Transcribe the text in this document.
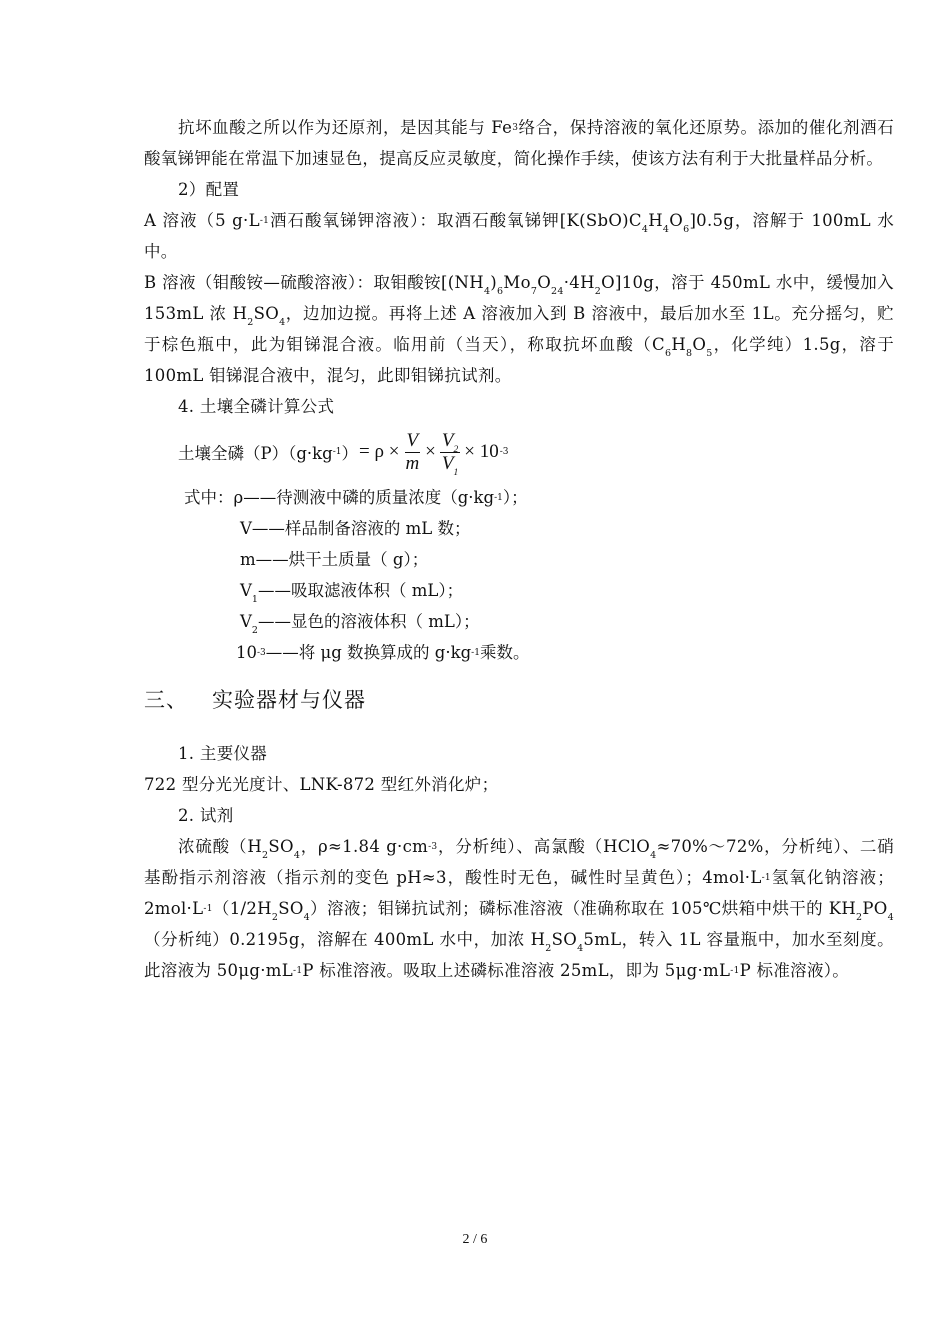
抗坏血酸之所以作为还原剂，是因其能与 Fe$^3$络合，保持溶液的氧化还原势。添加的催化剂酒石酸氧锑钾能在常温下加速显色，提高反应灵敏度，简化操作手续，使该方法有利于大批量样品分析。

2）配置

A 溶液（5 $g\cdot L^{-1}$酒石酸氧锑钾溶液）：取酒石酸氧锑钾$[K(SbO)C_4H_4O_6]0.5g$，溶解于 100mL 水中。

B 溶液（钼酸铵—硫酸溶液）：取钼酸铵$[(NH_4)_6Mo_7O_{24}\cdot 4H_2O]10g$，溶于 450mL 水中，缓慢加入 153mL 浓 $H_2SO_4$，边加边搅。再将上述 A 溶液加入到 B 溶液中，最后加水至 1L。充分摇匀，贮于棕色瓶中，此为钼锑混合液。临用前（当天），称取抗坏血酸（$C_6H_8O_5$，化学纯）1.5g，溶于 100mL 钼锑混合液中，混匀，此即钼锑抗试剂。

4. 土壤全磷计算公式

土壤全磷（P）（g·kg -1 ） = $\rho \times \frac{V}{m} \times \frac{V_2}{V_1} \times 10$ -3
式中：ρ——待测液中磷的质量浓度$(g\cdot kg^{-1})$；
V——样品制备溶液的 mL 数；
m——烘干土质量（ g）；
$V_1——$吸取滤液体积（ mL）；
$V_2——$显色的溶液体积（ mL）；
$10^{-3}——$将 μg 数换算成的 $g\cdot kg^{-1}$乘数。
三、 实验器材与仪器

1. 主要仪器

722 型分光光度计、LNK-872 型红外消化炉；

2. 试剂

浓硫酸（$H_2SO_4$，ρ≈1.84 $g\cdot cm^{-3}$，分析纯）、高氯酸（HClO$_4$≈70%～72%，分析纯）、二硝基酚指示剂溶液（指示剂的变色 pH≈3，酸性时无色，碱性时呈黄色）；$4mol\cdot L^{-1}$氢氧化钠溶液；$2mol\cdot L^{-1}(1/2H_2SO_4)$溶液；钼锑抗试剂；磷标准溶液（准确称取在 105℃烘箱中烘干的 $KH_2PO_4$（分析纯）0.2195g，溶解在 400mL 水中，加浓 $H_2SO_45mL$，转入 1L 容量瓶中，加水至刻度。此溶液为 $50\mu g\cdot mL^{-1}P$ 标准溶液。吸取上述磷标准溶液 25mL，即为 $5\mu g\cdot mL^{-1}P$ 标准溶液）。

2 / 6
